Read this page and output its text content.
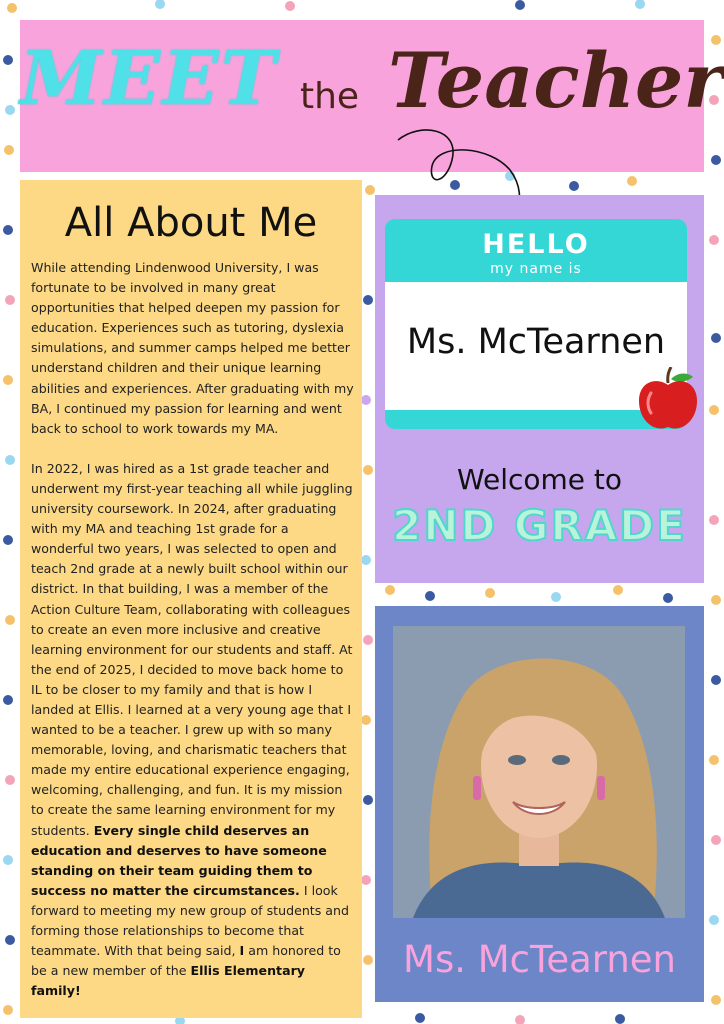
MEET the Teacher
All About Me

While attending Lindenwood University, I was fortunate to be involved in many great opportunities that helped deepen my passion for education. Experiences such as tutoring, dyslexia simulations, and summer camps helped me better understand children and their unique learning abilities and experiences. After graduating with my BA, I continued my passion for learning and went back to school to work towards my MA.

In 2022, I was hired as a 1st grade teacher and underwent my first-year teaching all while juggling university coursework. In 2024, after graduating with my MA and teaching 1st grade for a wonderful two years, I was selected to open and teach 2nd grade at a newly built school within our district. In that building, I was a member of the Action Culture Team, collaborating with colleagues to create an even more inclusive and creative learning environment for our students and staff. At the end of 2025, I decided to move back home to IL to be closer to my family and that is how I landed at Ellis. I learned at a very young age that I wanted to be a teacher. I grew up with so many memorable, loving, and charismatic teachers that made my entire educational experience engaging, welcoming, challenging, and fun. It is my mission to create the same learning environment for my students. Every single child deserves an education and deserves to have someone standing on their team guiding them to success no matter the circumstances. I look forward to meeting my new group of students and forming those relationships to become that teammate. With that being said, I am honored to be a new member of the Ellis Elementary family!

HELLO
my name is
Ms. McTearnen
Welcome to
2ND GRADE
Ms. McTearnen
